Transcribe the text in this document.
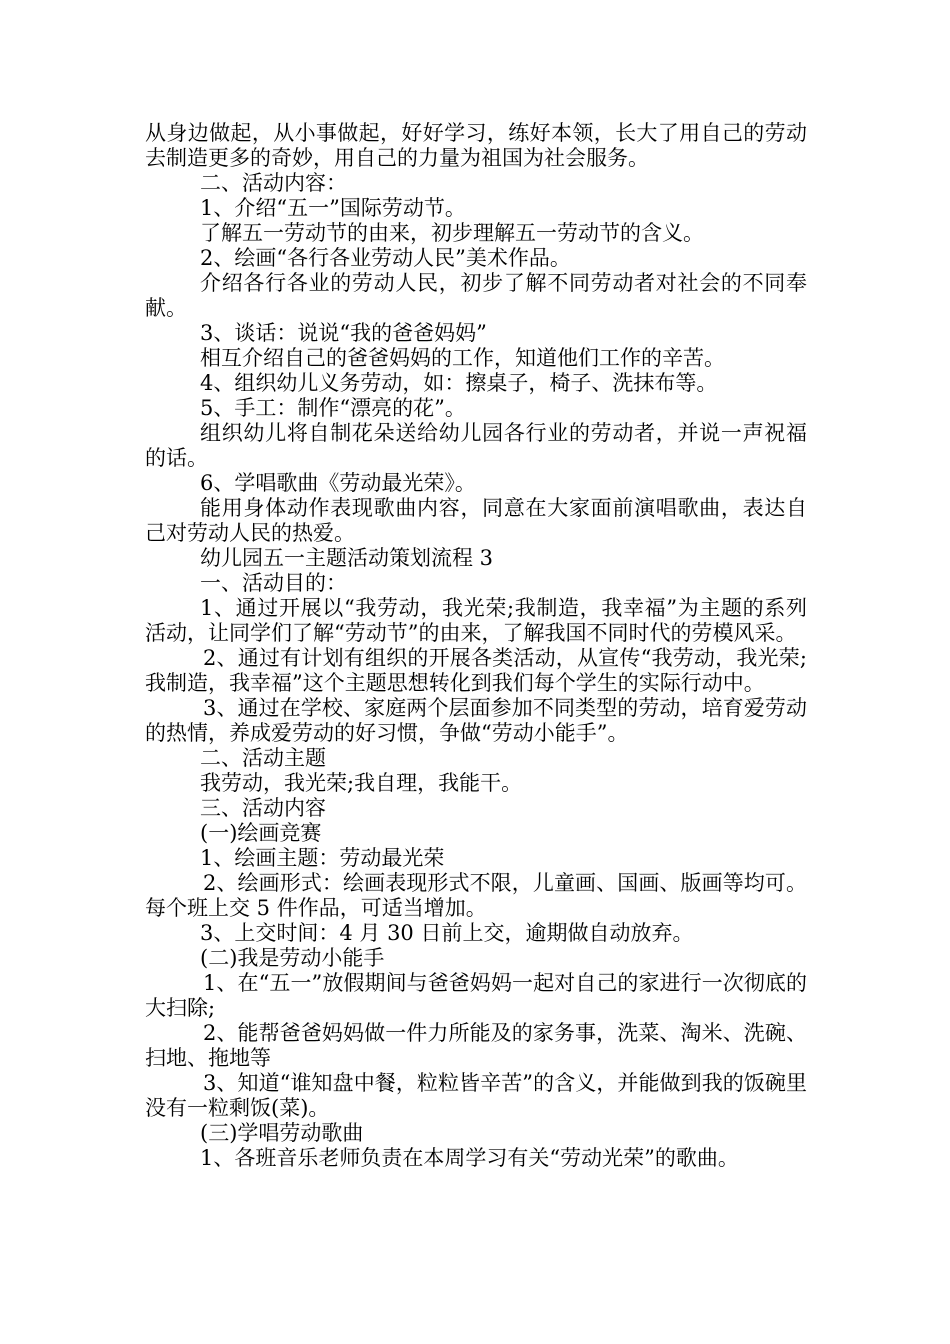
从身边做起，从小事做起，好好学习，练好本领，长大了用自己的劳动去制造更多的奇妙，用自己的力量为祖国为社会服务。

二、活动内容：

1、介绍“五一”国际劳动节。

了解五一劳动节的由来，初步理解五一劳动节的含义。

2、绘画“各行各业劳动人民”美术作品。

介绍各行各业的劳动人民，初步了解不同劳动者对社会的不同奉献。

3、谈话：说说“我的爸爸妈妈”

相互介绍自己的爸爸妈妈的工作，知道他们工作的辛苦。

4、组织幼儿义务劳动，如：擦桌子，椅子、洗抹布等。

5、手工：制作“漂亮的花”。

组织幼儿将自制花朵送给幼儿园各行业的劳动者，并说一声祝福的话。

6、学唱歌曲《劳动最光荣》。

能用身体动作表现歌曲内容，同意在大家面前演唱歌曲，表达自己对劳动人民的热爱。

幼儿园五一主题活动策划流程 3

一、活动目的：

1、通过开展以“我劳动，我光荣;我制造，我幸福”为主题的系列活动，让同学们了解“劳动节”的由来，了解我国不同时代的劳模风采。

2、通过有计划有组织的开展各类活动，从宣传“我劳动，我光荣;我制造，我幸福”这个主题思想转化到我们每个学生的实际行动中。

3、通过在学校、家庭两个层面参加不同类型的劳动，培育爱劳动的热情，养成爱劳动的好习惯，争做“劳动小能手”。

二、活动主题

我劳动，我光荣;我自理，我能干。

三、活动内容

(一)绘画竞赛

1、绘画主题：劳动最光荣

2、绘画形式：绘画表现形式不限，儿童画、国画、版画等均可。每个班上交 5 件作品，可适当增加。

3、上交时间：4 月 30 日前上交，逾期做自动放弃。

(二)我是劳动小能手

1、在“五一”放假期间与爸爸妈妈一起对自己的家进行一次彻底的大扫除;

2、能帮爸爸妈妈做一件力所能及的家务事，洗菜、淘米、洗碗、扫地、拖地等

3、知道“谁知盘中餐，粒粒皆辛苦”的含义，并能做到我的饭碗里没有一粒剩饭(菜)。

(三)学唱劳动歌曲

1、各班音乐老师负责在本周学习有关“劳动光荣”的歌曲。
